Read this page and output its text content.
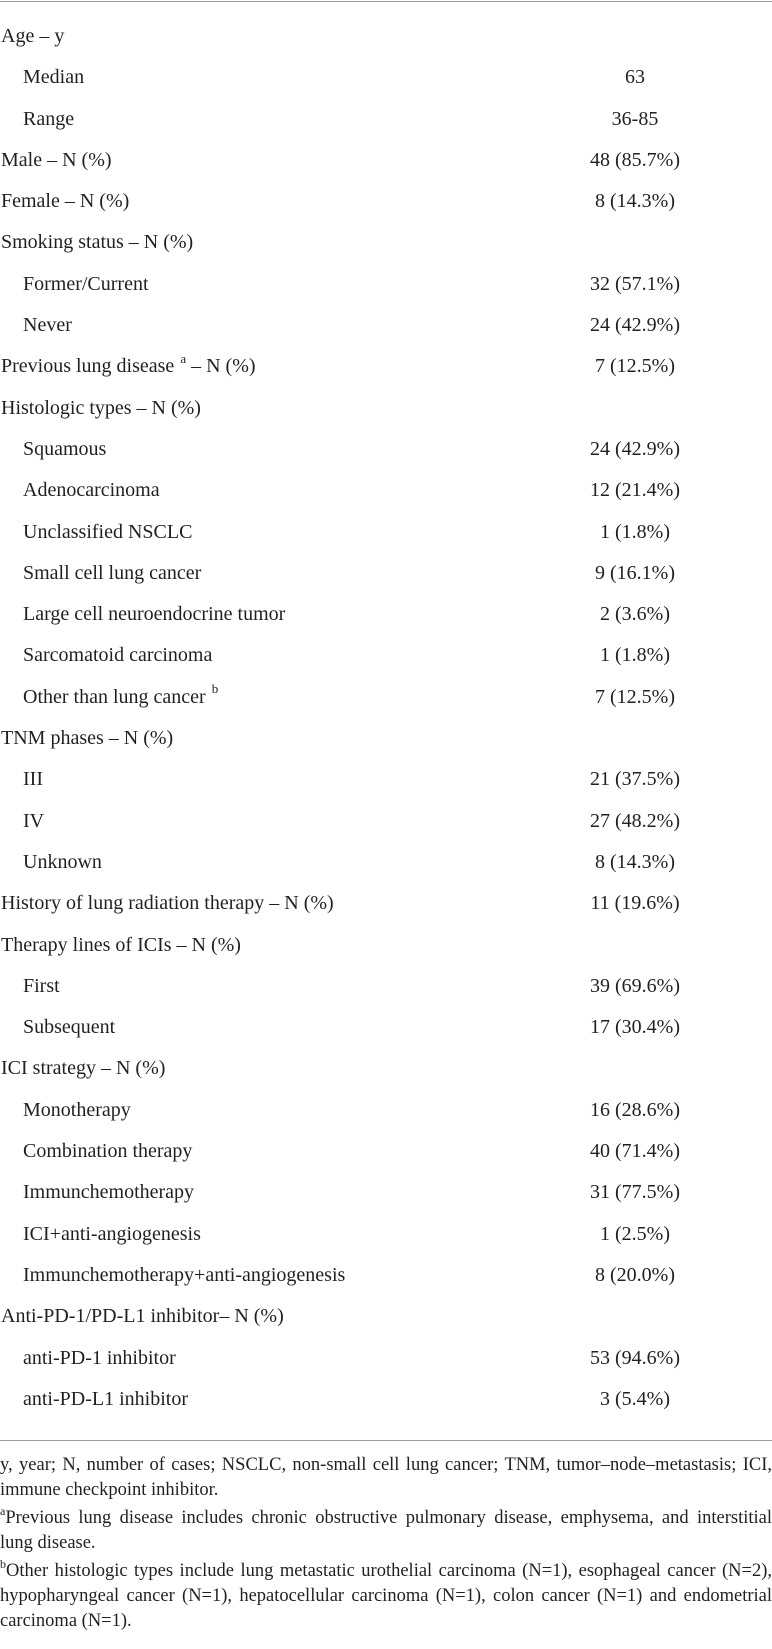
Age – y
Median	63
Range	36-85
Male – N (%)	48 (85.7%)
Female – N (%)	8 (14.3%)
Smoking status – N (%)
Former/Current	32 (57.1%)
Never	24 (42.9%)
Previous lung disease $^a$ – N (%)	7 (12.5%)
Histologic types – N (%)
Squamous	24 (42.9%)
Adenocarcinoma	12 (21.4%)
Unclassified NSCLC	1 (1.8%)
Small cell lung cancer	9 (16.1%)
Large cell neuroendocrine tumor	2 (3.6%)
Sarcomatoid carcinoma	1 (1.8%)
Other than lung cancer $^b$	7 (12.5%)
TNM phases – N (%)
III	21 (37.5%)
IV	27 (48.2%)
Unknown	8 (14.3%)
History of lung radiation therapy – N (%)	11 (19.6%)
Therapy lines of ICIs – N (%)
First	39 (69.6%)
Subsequent	17 (30.4%)
ICI strategy – N (%)
Monotherapy	16 (28.6%)
Combination therapy	40 (71.4%)
Immunchemotherapy	31 (77.5%)
ICI+anti-angiogenesis	1 (2.5%)
Immunchemotherapy+anti-angiogenesis	8 (20.0%)
Anti-PD-1/PD-L1 inhibitor– N (%)
anti-PD-1 inhibitor	53 (94.6%)
anti-PD-L1 inhibitor	3 (5.4%)

y, year; N, number of cases; NSCLC, non-small cell lung cancer; TNM, tumor–node–metastasis; ICI, immune checkpoint inhibitor.

$^a$Previous lung disease includes chronic obstructive pulmonary disease, emphysema, and interstitial lung disease.

$^b$Other histologic types include lung metastatic urothelial carcinoma (N=1), esophageal cancer (N=2), hypopharyngeal cancer (N=1), hepatocellular carcinoma (N=1), colon cancer (N=1) and endometrial carcinoma (N=1).
